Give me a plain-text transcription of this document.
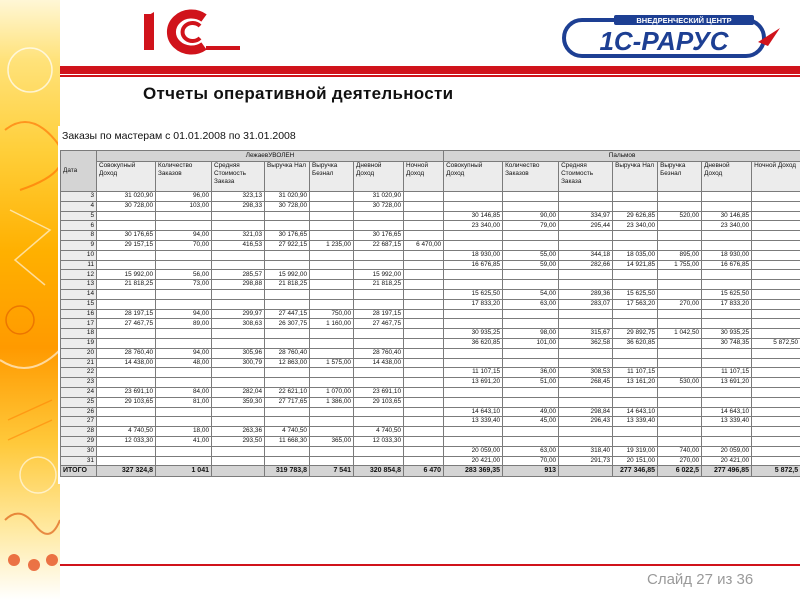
ВНЕДРЕНЧЕСКИЙ ЦЕНТР
1С-РАРУС
Отчеты оперативной деятельности
Заказы по мастерам с 01.01.2008 по 31.01.2008
Дата	ЛежаевУВОЛЕН							Пальмов						
	Совокупный Доход	Количество Заказов	Средняя Стоимость Заказа	Выручка Нал	Выручка Безнал	Дневной Доход	Ночной Доход	Совокупный Доход	Количество Заказов	Средняя Стоимость Заказа	Выручка Нал	Выручка Безнал	Дневной Доход	Ночной Доход
3	31 020,90	96,00	323,13	31 020,90		31 020,90								
4	30 728,00	103,00	298,33	30 728,00		30 728,00								
5								30 146,85	90,00	334,97	29 626,85	520,00	30 146,85	
6								23 340,00	79,00	295,44	23 340,00		23 340,00	
8	30 176,65	94,00	321,03	30 176,65		30 176,65								
9	29 157,15	70,00	416,53	27 922,15	1 235,00	22 687,15	6 470,00							
10								18 930,00	55,00	344,18	18 035,00	895,00	18 930,00	
11								16 676,85	59,00	282,66	14 921,85	1 755,00	16 676,85	
12	15 992,00	56,00	285,57	15 992,00		15 992,00								
13	21 818,25	73,00	298,88	21 818,25		21 818,25								
14								15 625,50	54,00	289,36	15 625,50		15 625,50	
15								17 833,20	63,00	283,07	17 563,20	270,00	17 833,20	
16	28 197,15	94,00	299,97	27 447,15	750,00	28 197,15								
17	27 467,75	89,00	308,63	26 307,75	1 160,00	27 467,75								
18								30 935,25	98,00	315,67	29 892,75	1 042,50	30 935,25	
19								36 620,85	101,00	362,58	36 620,85		30 748,35	5 872,50
20	28 760,40	94,00	305,96	28 760,40		28 760,40								
21	14 438,00	48,00	300,79	12 863,00	1 575,00	14 438,00								
22								11 107,15	36,00	308,53	11 107,15		11 107,15	
23								13 691,20	51,00	268,45	13 161,20	530,00	13 691,20	
24	23 691,10	84,00	282,04	22 621,10	1 070,00	23 691,10								
25	29 103,65	81,00	359,30	27 717,65	1 386,00	29 103,65								
26								14 643,10	49,00	298,84	14 643,10		14 643,10	
27								13 339,40	45,00	296,43	13 339,40		13 339,40	
28	4 740,50	18,00	263,36	4 740,50		4 740,50								
29	12 033,30	41,00	293,50	11 668,30	365,00	12 033,30								
30								20 059,00	63,00	318,40	19 319,00	740,00	20 059,00	
31								20 421,00	70,00	291,73	20 151,00	270,00	20 421,00	
ИТОГО	327 324,8	1 041		319 783,8	7 541	320 854,8	6 470	283 369,35	913		277 346,85	6 022,5	277 496,85	5 872,5
Слайд 27 из 36
